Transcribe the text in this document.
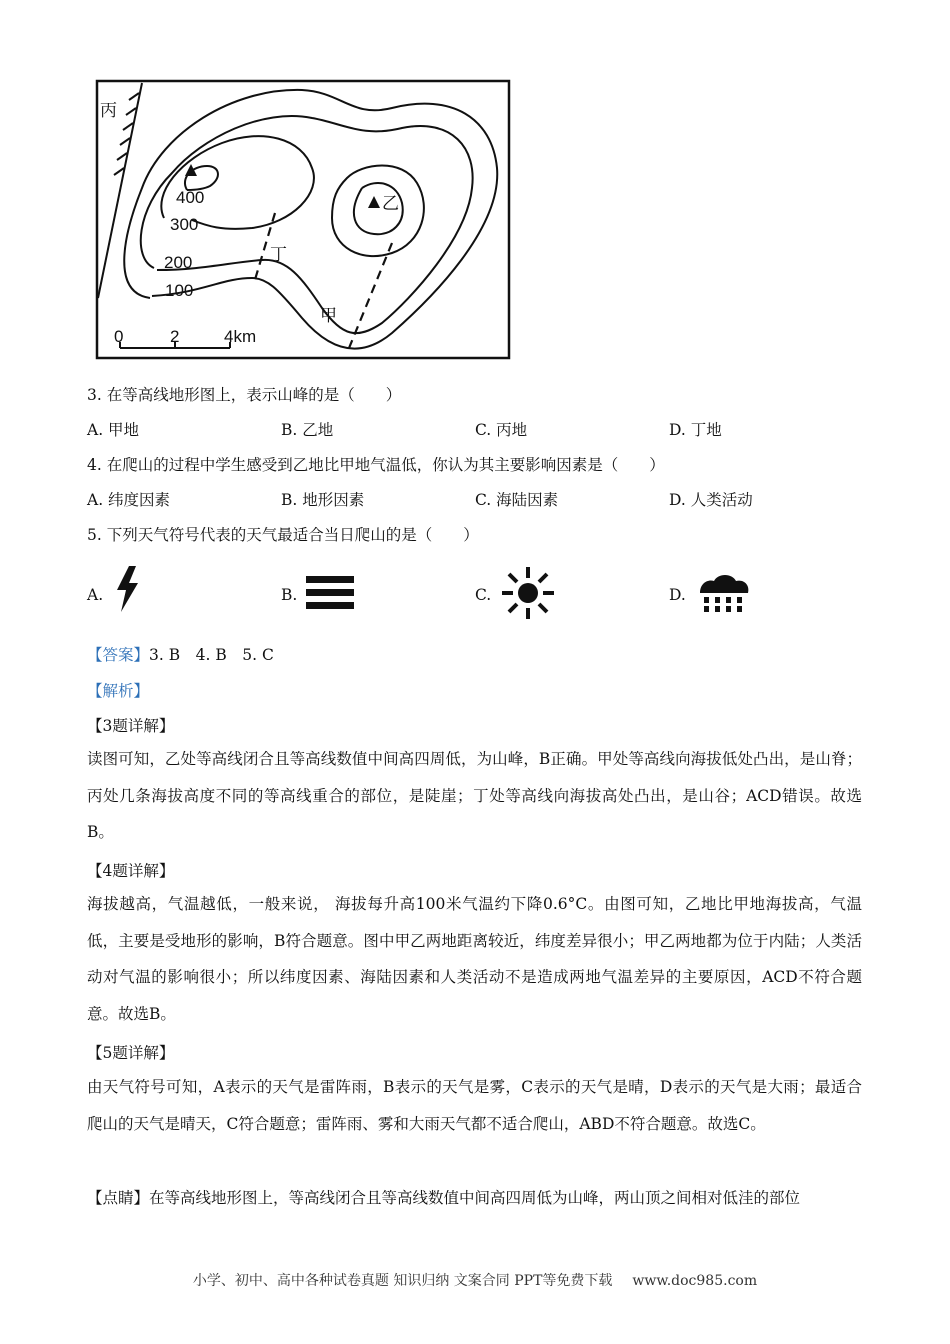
丙
乙
丁
甲
400
300
200
100
0	2	4km
3. 在等高线地形图上，表示山峰的是（　　）
A. 甲地	B. 乙地	C. 丙地	D. 丁地
4. 在爬山的过程中学生感受到乙地比甲地气温低，你认为其主要影响因素是（　　）
A. 纬度因素	B. 地形因素	C. 海陆因素	D. 人类活动
5. 下列天气符号代表的天气最适合当日爬山的是（　　）
A.	B.	C.	D.
【答案】3. B　4. B　5. C
【解析】
【3题详解】

读图可知，乙处等高线闭合且等高线数值中间高四周低，为山峰，B正确。甲处等高线向海拔低处凸出，是山脊；丙处几条海拔高度不同的等高线重合的部位，是陡崖；丁处等高线向海拔高处凸出，是山谷；ACD错误。故选B。

【4题详解】

海拔越高，气温越低，一般来说， 海拔每升高100米气温约下降0.6°C。由图可知，乙地比甲地海拔高，气温低，主要是受地形的影响，B符合题意。图中甲乙两地距离较近，纬度差异很小；甲乙两地都为位于内陆；人类活动对气温的影响很小；所以纬度因素、海陆因素和人类活动不是造成两地气温差异的主要原因，ACD不符合题意。故选B。

【5题详解】

由天气符号可知，A表示的天气是雷阵雨，B表示的天气是雾，C表示的天气是晴，D表示的天气是大雨；最适合爬山的天气是晴天，C符合题意；雷阵雨、雾和大雨天气都不适合爬山，ABD不符合题意。故选C。

【点睛】在等高线地形图上，等高线闭合且等高线数值中间高四周低为山峰，两山顶之间相对低洼的部位
小学、初中、高中各种试卷真题 知识归纳 文案合同 PPT等免费下载 www.doc985.com
